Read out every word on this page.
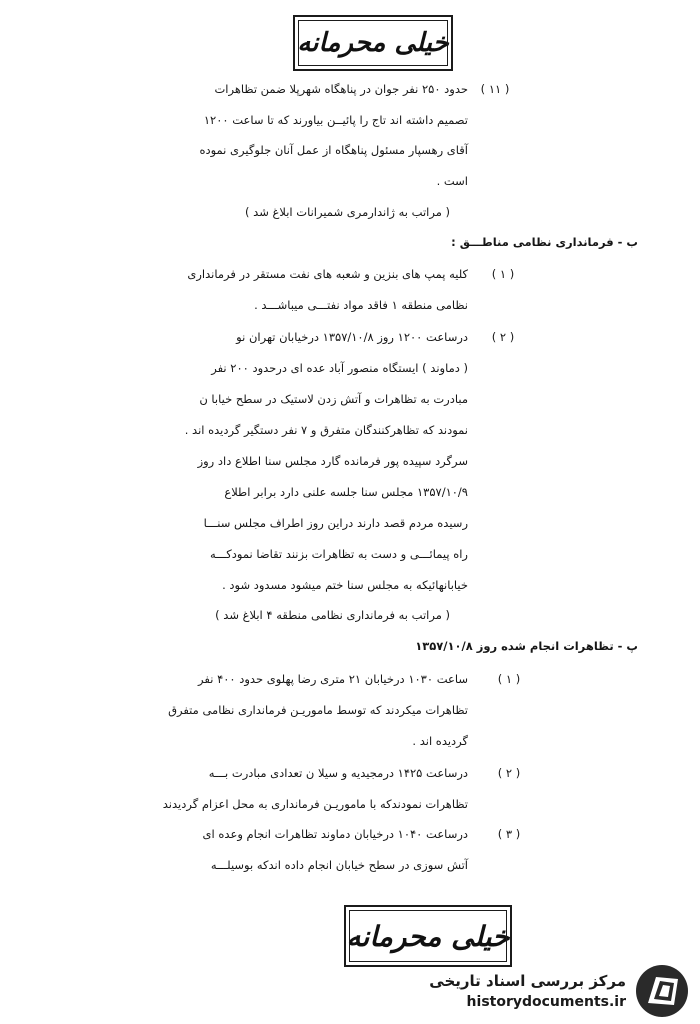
خیلی محرمانه
( ۱۱ )
حدود ۲۵۰ نفر جوان در پناهگاه شهرپلا ضمن تظاهرات
تصمیم داشته اند تاج را پائیــن بیاورند که تا ساعت ۱۲۰۰
آقای رهسپار مسئول پناهگاه از عمل آنان جلوگیری نموده
است .
( مراتب به ژاندارمری شمیرانات ابلاغ شد )
ب - فرمانداری نظامی مناطـــق :
( ۱ )
کلیه پمپ های بنزین و شعبه های نفت مستقر در فرمانداری
نظامی منطقه ۱ فاقد مواد نفتـــی میباشـــد .
( ۲ )
درساعت ۱۲۰۰ روز ۱۳۵۷/۱۰/۸ درخیابان تهران نو
( دماوند ) ایستگاه منصور آباد عده ای درحدود ۲۰۰ نفر
مبادرت به تظاهرات و آتش زدن لاستیک در سطح خیابا ن
نمودند که تظاهرکنندگان متفرق و ۷ نفر دستگیر گردیده اند .
سرگرد سپیده پور فرمانده گارد مجلس سنا اطلاع داد روز
۱۳۵۷/۱۰/۹ مجلس سنا جلسه علنی دارد برابر اطلاع
رسیده مردم قصد دارند دراین روز اطراف مجلس سنـــا
راه پیمائـــی و دست به تظاهرات بزنند تقاضا نمودکـــه
خیابانهائیکه به مجلس سنا ختم میشود مسدود شود .
( مراتب به فرمانداری نظامی منطقه ۴ ابلاغ شد )
پ - تظاهرات انجام شده روز ۱۳۵۷/۱۰/۸
( ۱ )
ساعت ۱۰۳۰ درخیابان ۲۱ متری رضا پهلوی حدود ۴۰۰ نفر
تظاهرات میکردند که توسط ماموریـن فرمانداری نظامی متفرق
گردیده اند .
( ۲ )
درساعت ۱۴۲۵ درمجیدیه و سیلا ن تعدادی مبادرت بـــه
تظاهرات نمودندکه با ماموریـن فرمانداری به محل اعزام گردیدند
( ۳ )
درساعت ۱۰۴۰ درخیابان دماوند تظاهرات انجام وعده ای
آتش سوزی در سطح خیابان انجام داده اندکه بوسیلـــه
خیلی محرمانه
مرکز بررسی اسناد تاریخی
historydocuments.ir
